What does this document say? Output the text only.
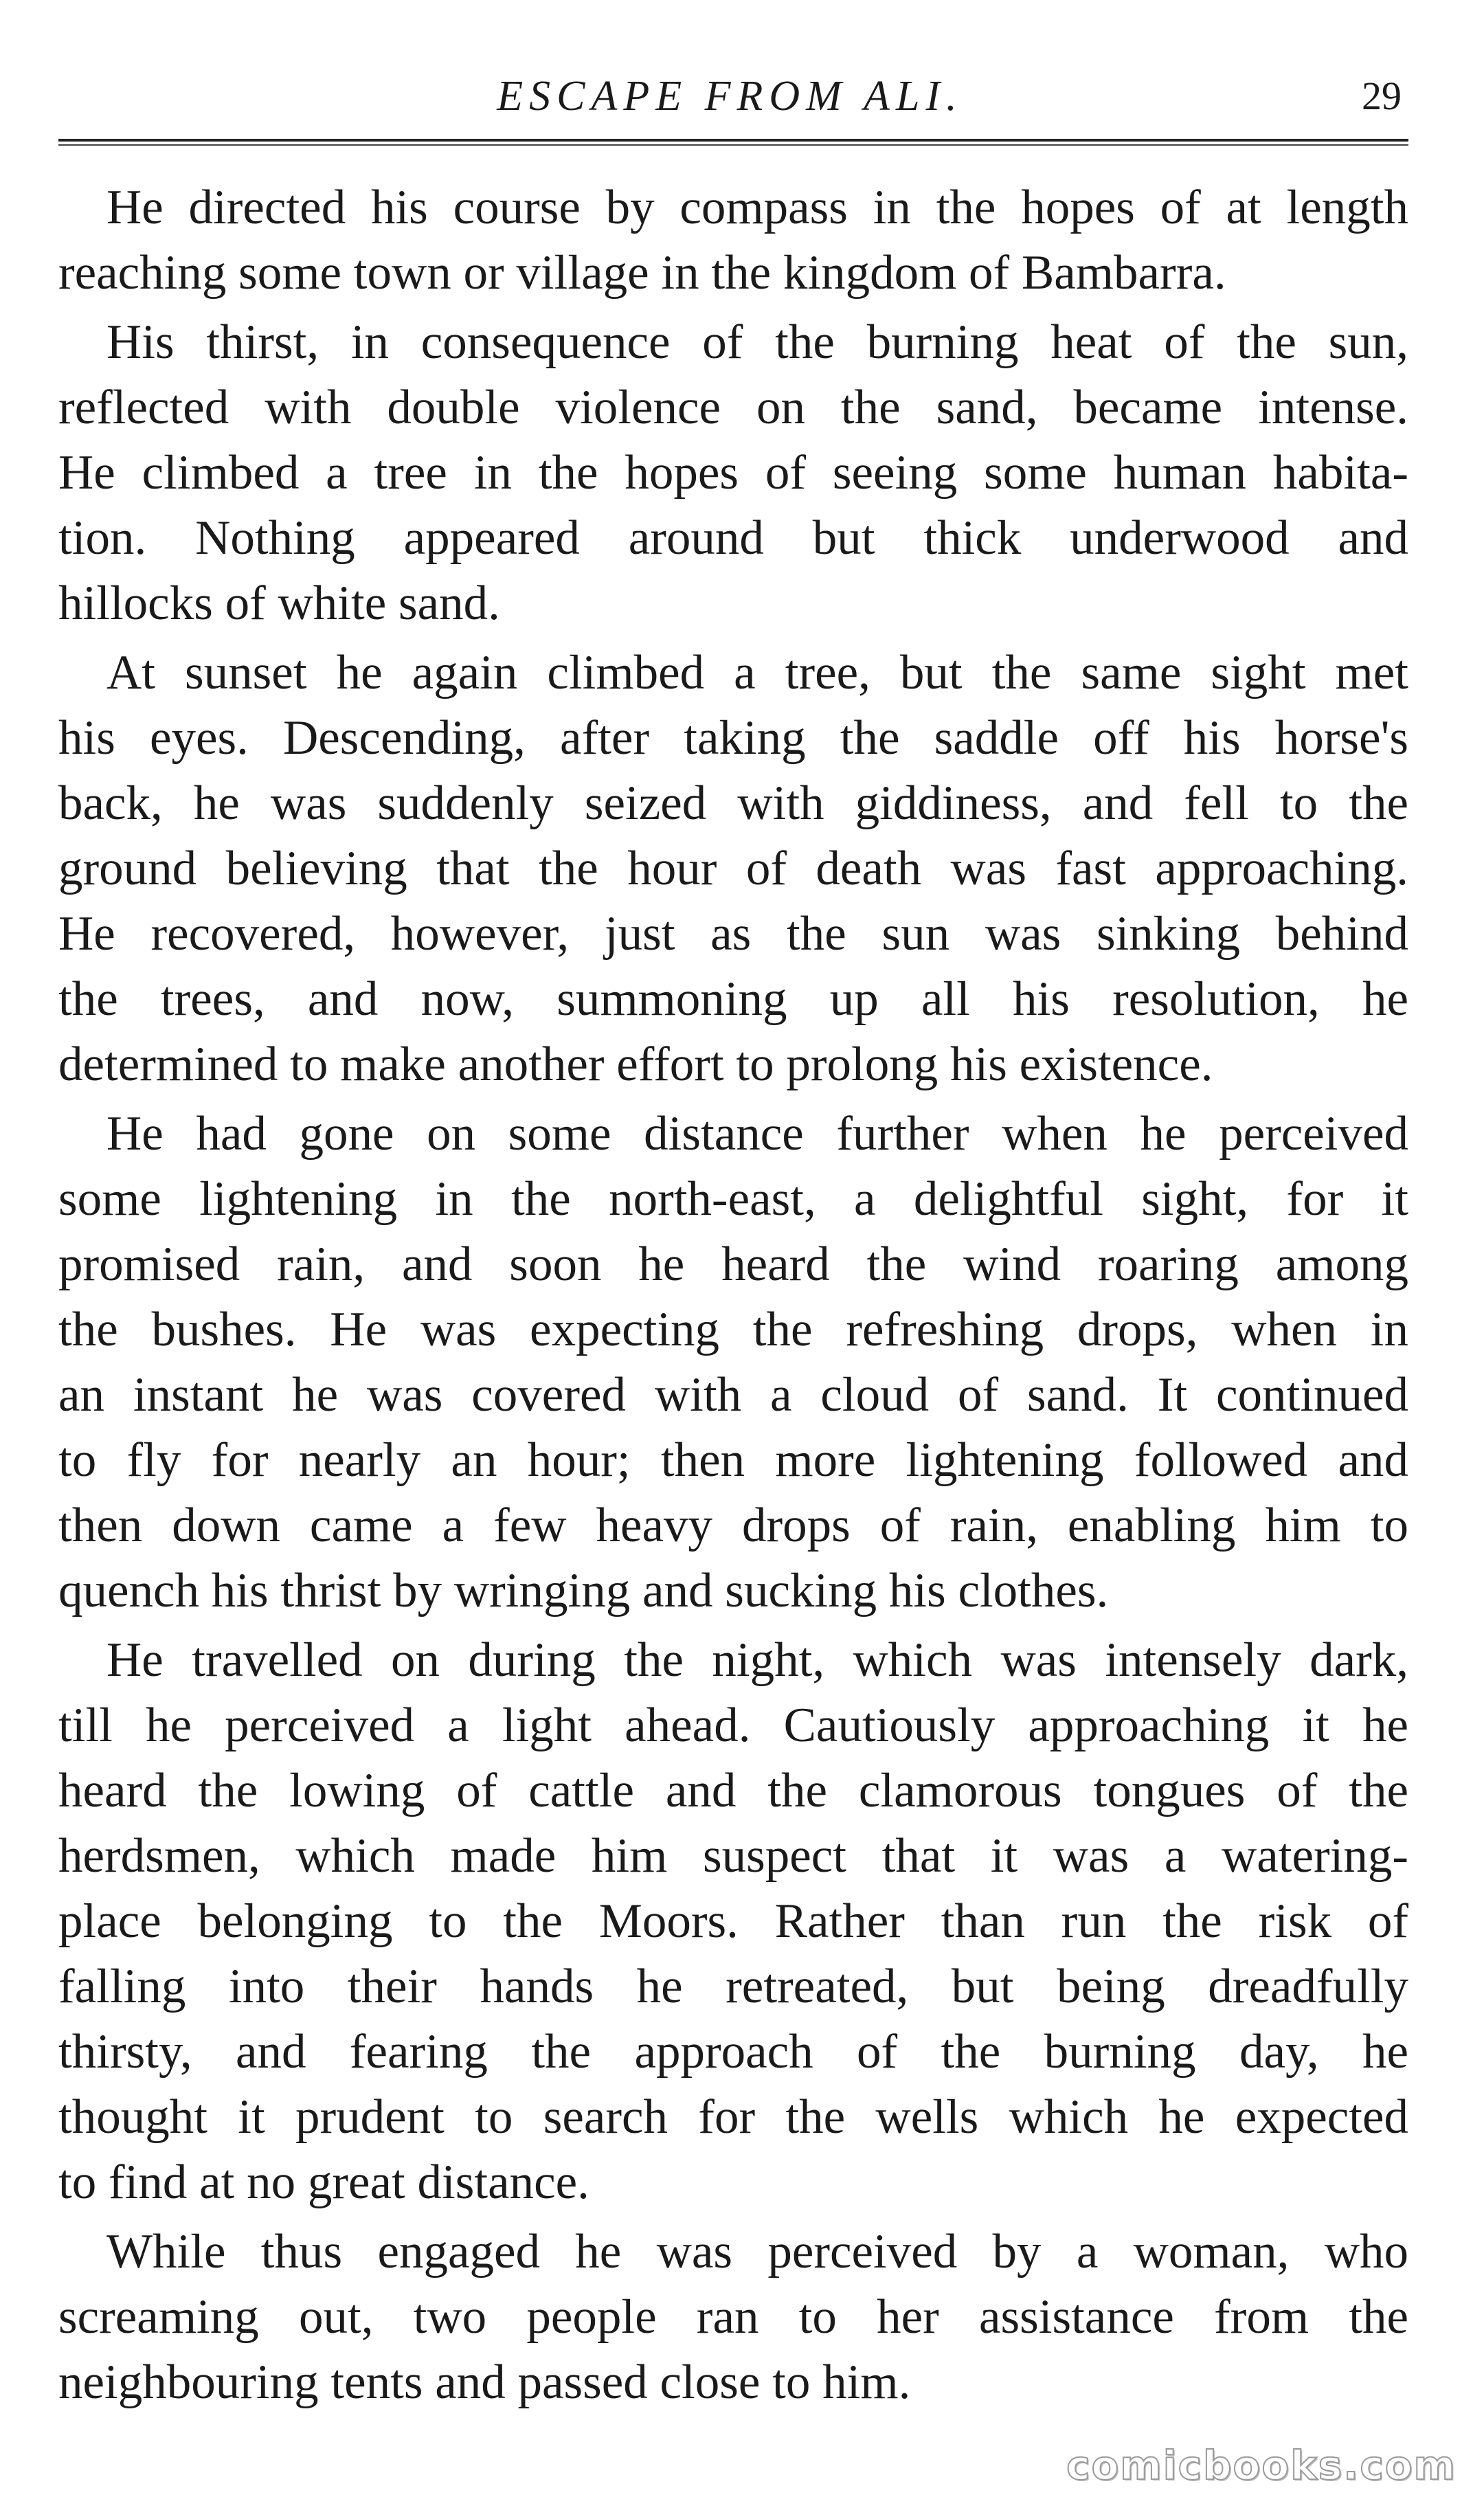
ESCAPE FROM ALI.	29

He directed his course by compass in the hopes of at length
reaching some town or village in the kingdom of Bambarra.

His thirst, in consequence of the burning heat of the sun,
reflected with double violence on the sand, became intense.
He climbed a tree in the hopes of seeing some human habita-
tion. Nothing appeared around but thick underwood and
hillocks of white sand.

At sunset he again climbed a tree, but the same sight met
his eyes. Descending, after taking the saddle off his horse's
back, he was suddenly seized with giddiness, and fell to the
ground believing that the hour of death was fast approaching.
He recovered, however, just as the sun was sinking behind
the trees, and now, summoning up all his resolution, he
determined to make another effort to prolong his existence.

He had gone on some distance further when he perceived
some lightening in the north-east, a delightful sight, for it
promised rain, and soon he heard the wind roaring among
the bushes. He was expecting the refreshing drops, when in
an instant he was covered with a cloud of sand. It continued
to fly for nearly an hour; then more lightening followed and
then down came a few heavy drops of rain, enabling him to
quench his thrist by wringing and sucking his clothes.

He travelled on during the night, which was intensely dark,
till he perceived a light ahead. Cautiously approaching it he
heard the lowing of cattle and the clamorous tongues of the
herdsmen, which made him suspect that it was a watering-
place belonging to the Moors. Rather than run the risk of
falling into their hands he retreated, but being dreadfully
thirsty, and fearing the approach of the burning day, he
thought it prudent to search for the wells which he expected
to find at no great distance.

While thus engaged he was perceived by a woman, who
screaming out, two people ran to her assistance from the
neighbouring tents and passed close to him.

comicbooks.com
